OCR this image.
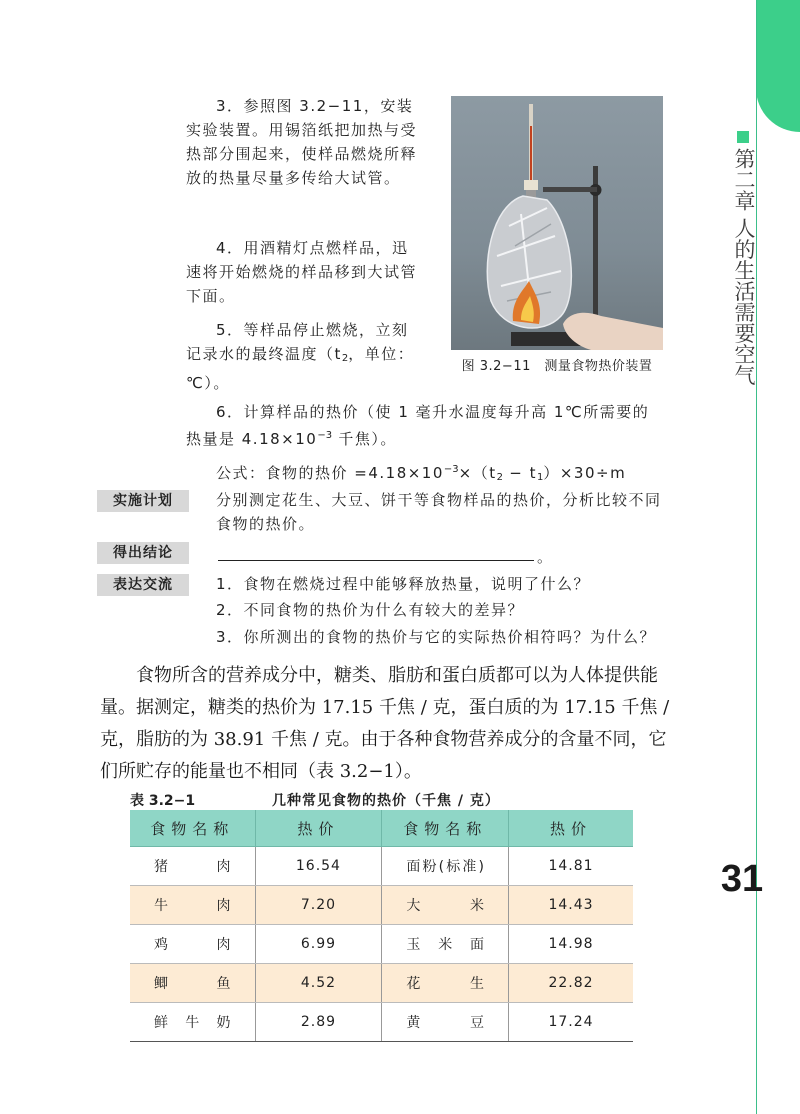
第二章 人的生活需要空气
31
3．参照图 3.2−11，安装实验装置。用锡箔纸把加热与受热部分围起来，使样品燃烧所释放的热量尽量多传给大试管。
4．用酒精灯点燃样品，迅速将开始燃烧的样品移到大试管下面。
5．等样品停止燃烧，立刻记录水的最终温度（$t_2$，单位：℃）。
图 3.2−11　测量食物热价装置
6．计算样品的热价（使 1 毫升水温度每升高 1℃所需要的热量是 $4.18\times 10^{-3}$ 千焦）。
公式：食物的热价 $=4.18\times 10^{-3}\times(t_2 - t_1)\times 30\div m$
实施计划	分别测定花生、大豆、饼干等食物样品的热价，分析比较不同食物的热价。
得出结论	。
表达交流	1．食物在燃烧过程中能够释放热量，说明了什么？
2．不同食物的热价为什么有较大的差异？
3．你所测出的食物的热价与它的实际热价相符吗？为什么？
食物所含的营养成分中，糖类、脂肪和蛋白质都可以为人体提供能量。据测定，糖类的热价为 17.15 千焦 / 克，蛋白质的为 17.15 千焦 / 克，脂肪的为 38.91 千焦 / 克。由于各种食物营养成分的含量不同，它们所贮存的能量也不相同（表 3.2−1）。
表 3.2−1	几种常见食物的热价（千焦 / 克）
食物名称	热价	食物名称	热价

猪肉	16.54	面粉(标准)	14.81

牛肉	7.20	大米	14.43

鸡肉	6.99	玉米面	14.98

鲫鱼	4.52	花生	22.82

鲜牛奶	2.89	黄豆	17.24
